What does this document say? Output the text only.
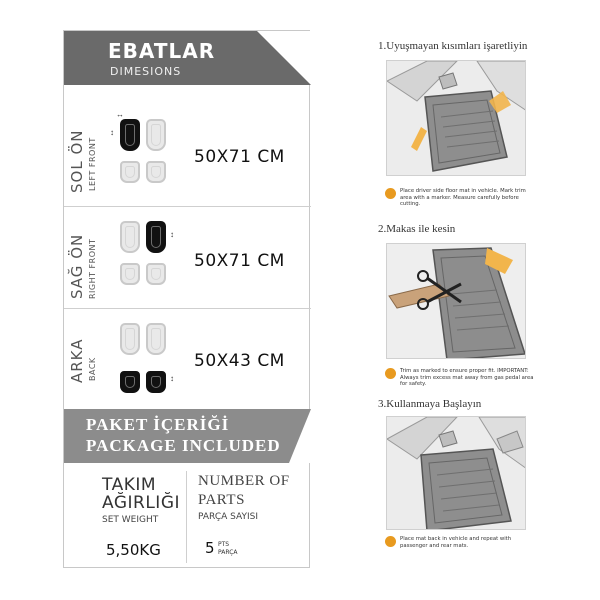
EBATLAR
DIMESIONS
SOL ÖN LEFT FRONT
↔
↕
50X71 CM
SAĞ ÖN RIGHT FRONT
↕
50X71 CM
ARKA BACK	↕
50X43 CM
PAKET İÇERİĞİ
PACKAGE INCLUDED
TAKIM
AĞIRLIĞI
SET WEIGHT
5,50KG
NUMBER OF
PARTS
PARÇA SAYISI
5 PTS
PARÇA
1.Uyuşmayan kısımları işaretliyin
Place driver side floor mat in vehicle. Mark trim area with a marker. Measure carefully before cutting.
2.Makas ile kesin
Trim as marked to ensure proper fit. IMPORTANT: Always trim excess mat away from gas pedal area for safety.
3.Kullanmaya Başlayın
Place mat back in vehicle and repeat with passenger and rear mats.
